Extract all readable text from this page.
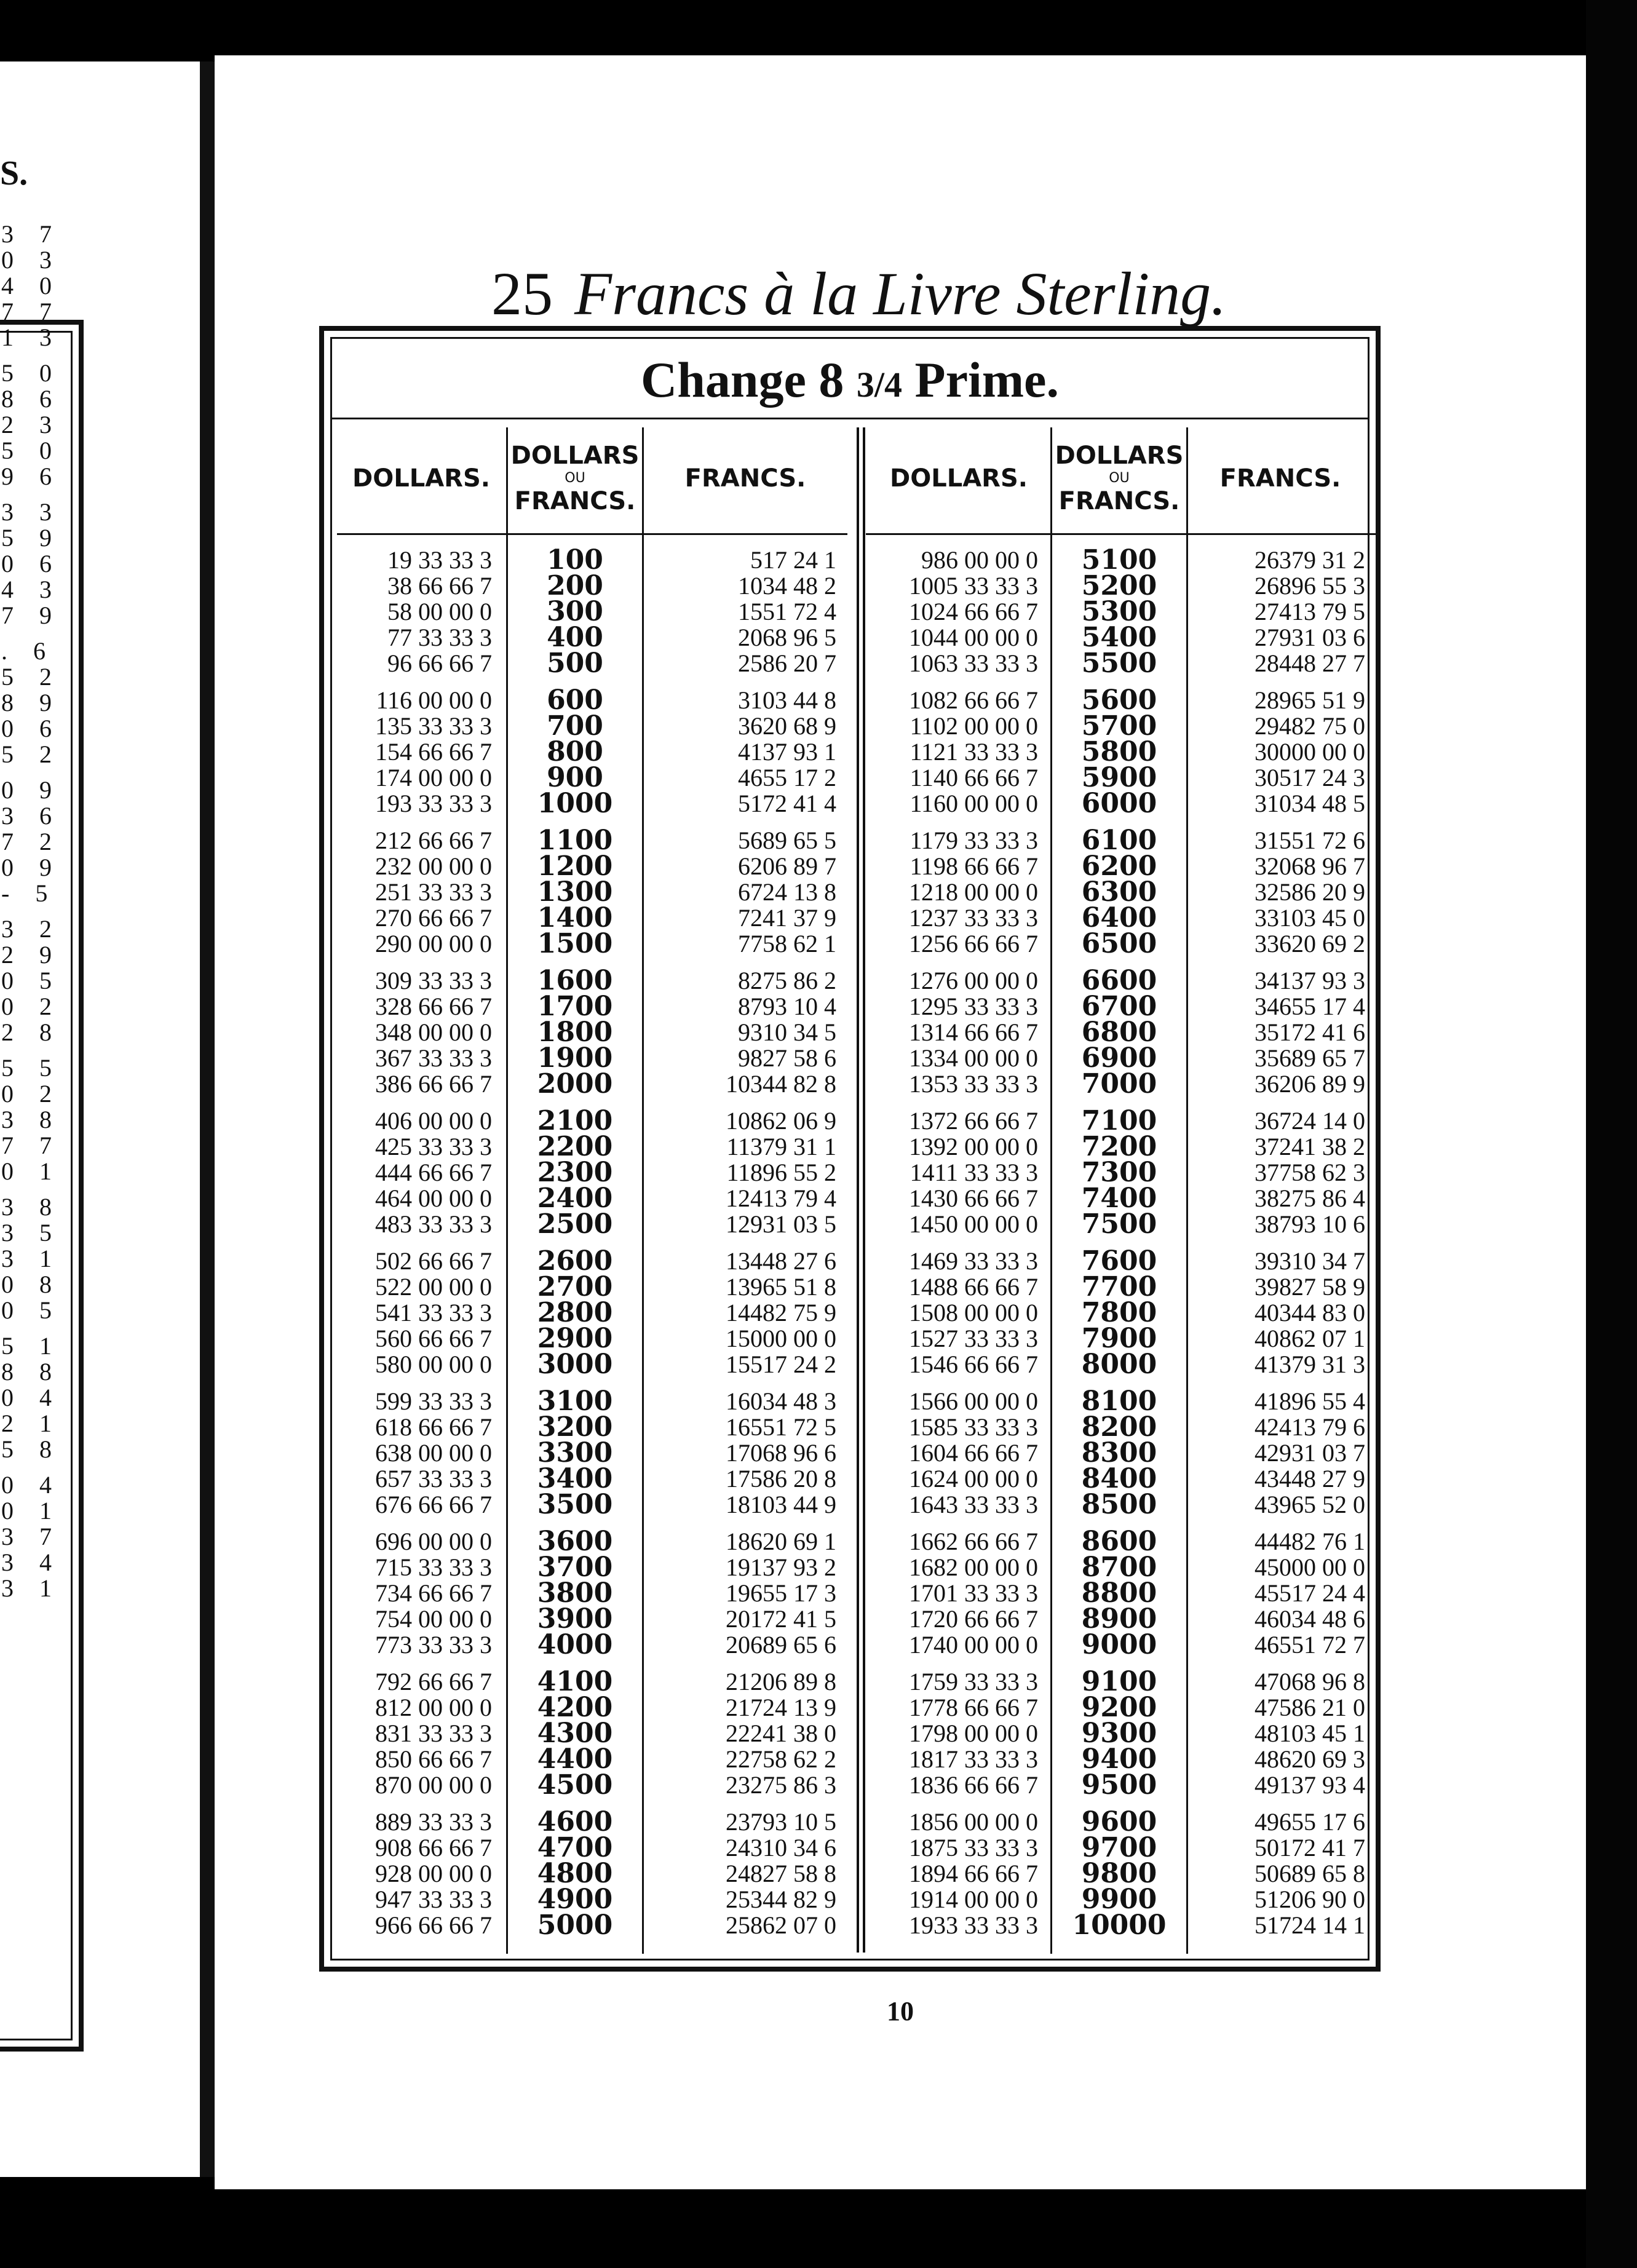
S.
3 7
0 3
4 0
7 7
1 3
5 0
8 6
2 3
5 0
9 6
3 3
5 9
0 6
4 3
7 9
. 6
5 2
8 9
0 6
5 2
0 9
3 6
7 2
0 9
- 5
3 2
2 9
0 5
0 2
2 8
5 5
0 2
3 8
7 7
0 1
3 8
3 5
3 1
0 8
0 5
5 1
8 8
0 4
2 1
5 8
0 4
0 1
3 7
3 4
3 1
25 Francs à la Livre Sterling.
Change 8 3/4 Prime.
DOLLARS.
DOLLARS
OU
FRANCS.
FRANCS.
19 33 33 3
38 66 66 7
58 00 00 0
77 33 33 3
96 66 66 7
116 00 00 0
135 33 33 3
154 66 66 7
174 00 00 0
193 33 33 3
212 66 66 7
232 00 00 0
251 33 33 3
270 66 66 7
290 00 00 0
309 33 33 3
328 66 66 7
348 00 00 0
367 33 33 3
386 66 66 7
406 00 00 0
425 33 33 3
444 66 66 7
464 00 00 0
483 33 33 3
502 66 66 7
522 00 00 0
541 33 33 3
560 66 66 7
580 00 00 0
599 33 33 3
618 66 66 7
638 00 00 0
657 33 33 3
676 66 66 7
696 00 00 0
715 33 33 3
734 66 66 7
754 00 00 0
773 33 33 3
792 66 66 7
812 00 00 0
831 33 33 3
850 66 66 7
870 00 00 0
889 33 33 3
908 66 66 7
928 00 00 0
947 33 33 3
966 66 66 7
100
200
300
400
500
600
700
800
900
1000
1100
1200
1300
1400
1500
1600
1700
1800
1900
2000
2100
2200
2300
2400
2500
2600
2700
2800
2900
3000
3100
3200
3300
3400
3500
3600
3700
3800
3900
4000
4100
4200
4300
4400
4500
4600
4700
4800
4900
5000
517 24 1
1034 48 2
1551 72 4
2068 96 5
2586 20 7
3103 44 8
3620 68 9
4137 93 1
4655 17 2
5172 41 4
5689 65 5
6206 89 7
6724 13 8
7241 37 9
7758 62 1
8275 86 2
8793 10 4
9310 34 5
9827 58 6
10344 82 8
10862 06 9
11379 31 1
11896 55 2
12413 79 4
12931 03 5
13448 27 6
13965 51 8
14482 75 9
15000 00 0
15517 24 2
16034 48 3
16551 72 5
17068 96 6
17586 20 8
18103 44 9
18620 69 1
19137 93 2
19655 17 3
20172 41 5
20689 65 6
21206 89 8
21724 13 9
22241 38 0
22758 62 2
23275 86 3
23793 10 5
24310 34 6
24827 58 8
25344 82 9
25862 07 0
DOLLARS.
DOLLARS
OU
FRANCS.
FRANCS.
986 00 00 0
1005 33 33 3
1024 66 66 7
1044 00 00 0
1063 33 33 3
1082 66 66 7
1102 00 00 0
1121 33 33 3
1140 66 66 7
1160 00 00 0
1179 33 33 3
1198 66 66 7
1218 00 00 0
1237 33 33 3
1256 66 66 7
1276 00 00 0
1295 33 33 3
1314 66 66 7
1334 00 00 0
1353 33 33 3
1372 66 66 7
1392 00 00 0
1411 33 33 3
1430 66 66 7
1450 00 00 0
1469 33 33 3
1488 66 66 7
1508 00 00 0
1527 33 33 3
1546 66 66 7
1566 00 00 0
1585 33 33 3
1604 66 66 7
1624 00 00 0
1643 33 33 3
1662 66 66 7
1682 00 00 0
1701 33 33 3
1720 66 66 7
1740 00 00 0
1759 33 33 3
1778 66 66 7
1798 00 00 0
1817 33 33 3
1836 66 66 7
1856 00 00 0
1875 33 33 3
1894 66 66 7
1914 00 00 0
1933 33 33 3
5100
5200
5300
5400
5500
5600
5700
5800
5900
6000
6100
6200
6300
6400
6500
6600
6700
6800
6900
7000
7100
7200
7300
7400
7500
7600
7700
7800
7900
8000
8100
8200
8300
8400
8500
8600
8700
8800
8900
9000
9100
9200
9300
9400
9500
9600
9700
9800
9900
10000
26379 31 2
26896 55 3
27413 79 5
27931 03 6
28448 27 7
28965 51 9
29482 75 0
30000 00 0
30517 24 3
31034 48 5
31551 72 6
32068 96 7
32586 20 9
33103 45 0
33620 69 2
34137 93 3
34655 17 4
35172 41 6
35689 65 7
36206 89 9
36724 14 0
37241 38 2
37758 62 3
38275 86 4
38793 10 6
39310 34 7
39827 58 9
40344 83 0
40862 07 1
41379 31 3
41896 55 4
42413 79 6
42931 03 7
43448 27 9
43965 52 0
44482 76 1
45000 00 0
45517 24 4
46034 48 6
46551 72 7
47068 96 8
47586 21 0
48103 45 1
48620 69 3
49137 93 4
49655 17 6
50172 41 7
50689 65 8
51206 90 0
51724 14 1
10
